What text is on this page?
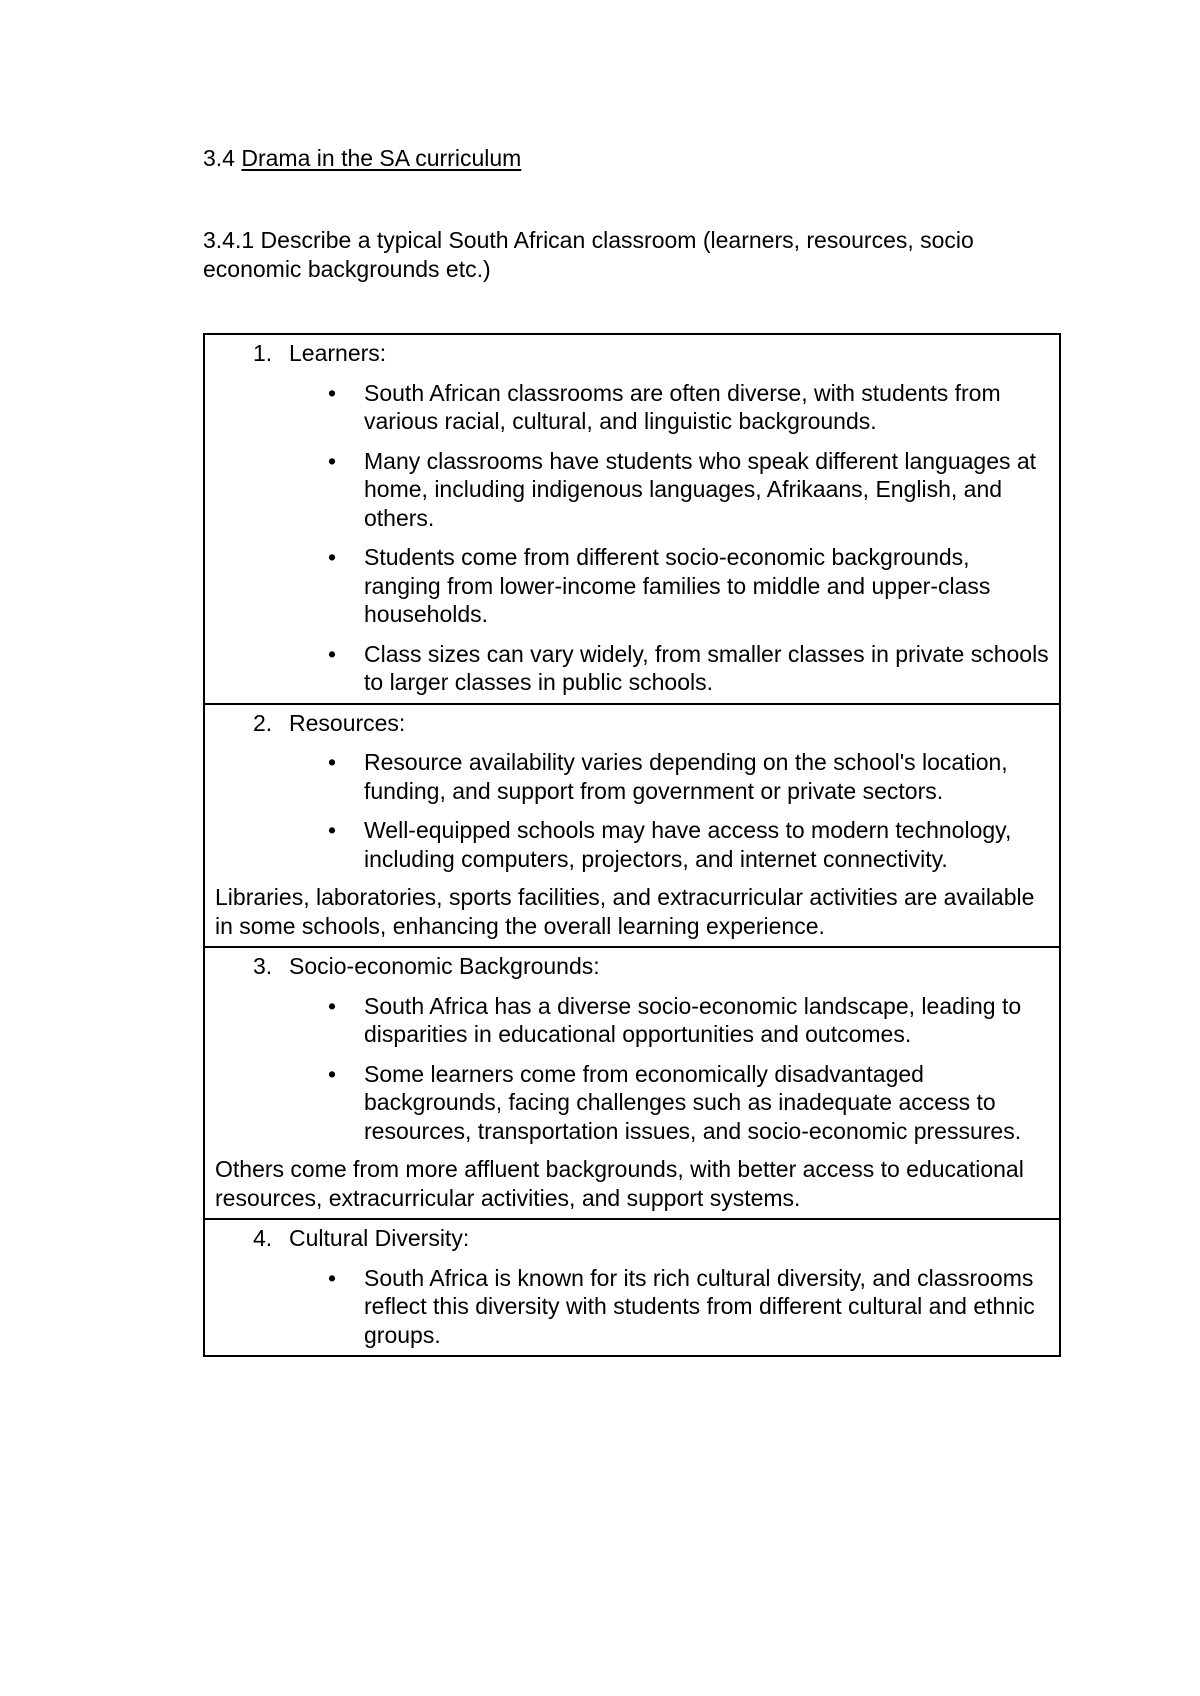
3.4 Drama in the SA curriculum
3.4.1 Describe a typical South African classroom (learners, resources, socio economic backgrounds etc.)
1. Learners:
• South African classrooms are often diverse, with students from various racial, cultural, and linguistic backgrounds.
• Many classrooms have students who speak different languages at home, including indigenous languages, Afrikaans, English, and others.
• Students come from different socio-economic backgrounds, ranging from lower-income families to middle and upper-class households.
• Class sizes can vary widely, from smaller classes in private schools to larger classes in public schools.

2. Resources:
• Resource availability varies depending on the school's location, funding, and support from government or private sectors.
• Well-equipped schools may have access to modern technology, including computers, projectors, and internet connectivity.

Libraries, laboratories, sports facilities, and extracurricular activities are available in some schools, enhancing the overall learning experience.

3. Socio-economic Backgrounds:
• South Africa has a diverse socio-economic landscape, leading to disparities in educational opportunities and outcomes.
• Some learners come from economically disadvantaged backgrounds, facing challenges such as inadequate access to resources, transportation issues, and socio-economic pressures.

Others come from more affluent backgrounds, with better access to educational resources, extracurricular activities, and support systems.

4. Cultural Diversity:
• South Africa is known for its rich cultural diversity, and classrooms reflect this diversity with students from different cultural and ethnic groups.
